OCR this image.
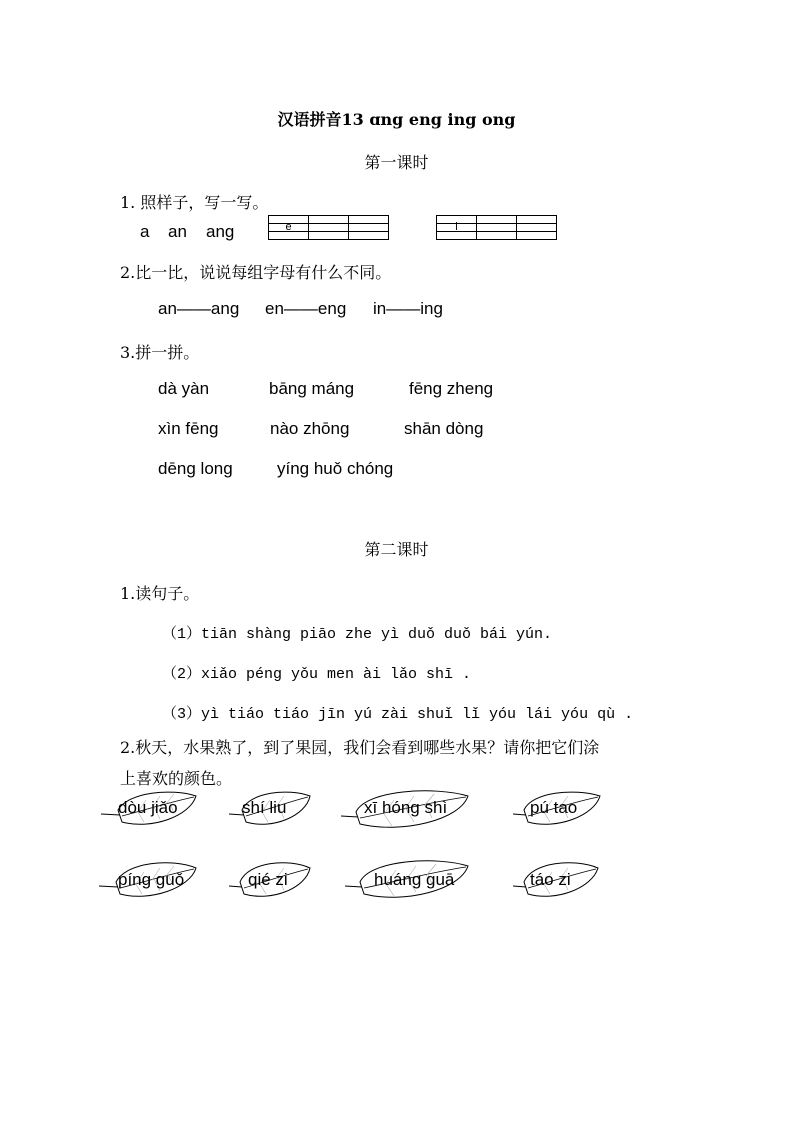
汉语拼音13 ɑng eng ing ong
第一课时
1. 照样子，写一写。
a an ang
			e		

			i		

2.比一比，说说每组字母有什么不同。
an——ang en——eng in——ing
3.拼一拼。
dà yàn	bāng máng	fēng zheng
xìn fēng	nào zhōng	shān dòng
dēng long	yíng huǒ chóng
第二课时
1.读句子。
（1）tiān shàng piāo zhe yì duǒ duǒ bái yún.
（2）xiǎo péng yǒu men ài lǎo shī .
（3）yì tiáo tiáo jīn yú zài shuǐ lǐ yóu lái yóu qù .
2.秋天，水果熟了，到了果园，我们会看到哪些水果？请你把它们涂
上喜欢的颜色。
dòu jiǎo	shí liu	xī hóng shì	pú tao
píng guǒ	qié zi	huáng guā	táo zi
